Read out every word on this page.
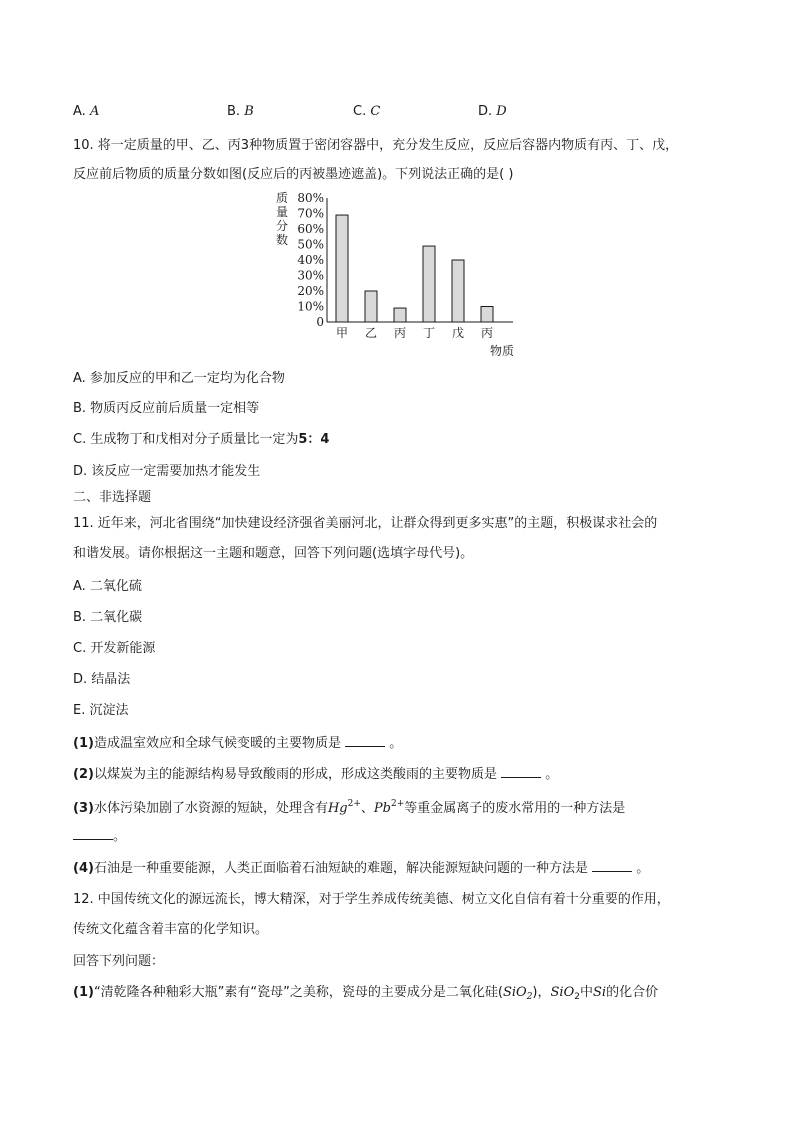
A. A	B. B	C. C	D. D
10. 将一定质量的甲、乙、丙3种物质置于密闭容器中，充分发生反应，反应后容器内物质有丙、丁、戊，
反应前后物质的质量分数如图(反应后的丙被墨迹遮盖)。下列说法正确的是( )
质
量
分
数
0
10%
20%
30%
40%
50%
60%
70%
80%
甲 乙 丙 丁 戊 丙
物质
A. 参加反应的甲和乙一定均为化合物
B. 物质丙反应前后质量一定相等
C. 生成物丁和戊相对分子质量比一定为5：4
D. 该反应一定需要加热才能发生
二、非选择题
11. 近年来，河北省围绕“加快建设经济强省美丽河北，让群众得到更多实惠”的主题，积极谋求社会的
和谐发展。请你根据这一主题和题意，回答下列问题(选填字母代号)。
A. 二氧化硫
B. 二氧化碳
C. 开发新能源
D. 结晶法
E. 沉淀法
(1)造成温室效应和全球气候变暖的主要物质是	。
(2)以煤炭为主的能源结构易导致酸雨的形成，形成这类酸雨的主要物质是	。
(3)水体污染加剧了水资源的短缺，处理含有$Hg^{2+}$、$Pb^{2+}$等重金属离子的废水常用的一种方法是
。
(4)石油是一种重要能源，人类正面临着石油短缺的难题，解决能源短缺问题的一种方法是	。
12. 中国传统文化的源远流长，博大精深，对于学生养成传统美德、树立文化自信有着十分重要的作用，
传统文化蕴含着丰富的化学知识。
回答下列问题：
(1)“清乾隆各种釉彩大瓶”素有“瓷母”之美称，瓷母的主要成分是二氧化硅(SiO$_2$)，SiO$_2$中Si的化合价
